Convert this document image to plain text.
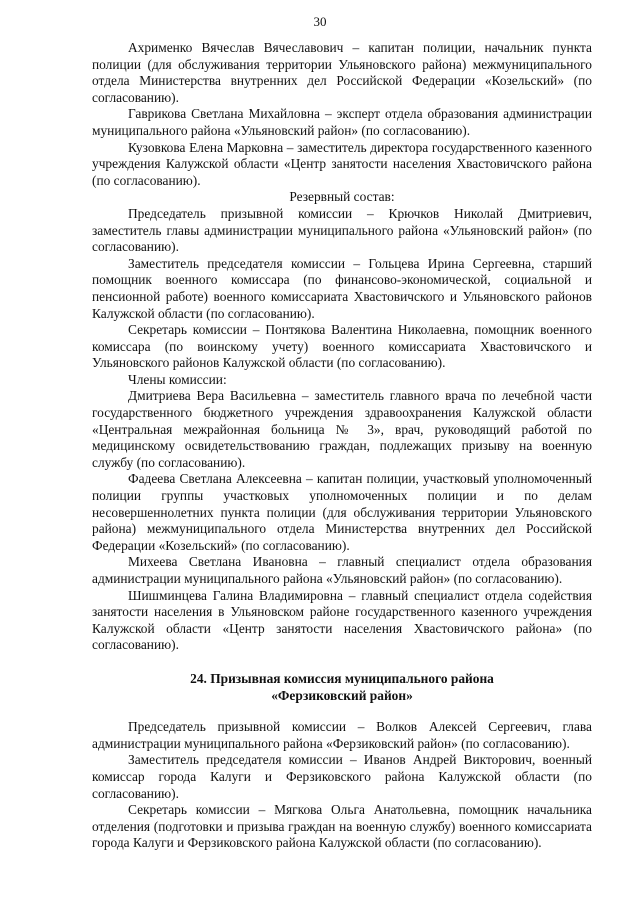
30

Ахрименко Вячеслав Вячеславович – капитан полиции, начальник пункта полиции (для обслуживания территории Ульяновского района) межмуниципального отдела Министерства внутренних дел Российской Федерации «Козельский» (по согласованию).

Гаврикова Светлана Михайловна – эксперт отдела образования администрации муниципального района «Ульяновский район» (по согласованию).

Кузовкова Елена Марковна – заместитель директора государственного казенного учреждения Калужской области «Центр занятости населения Хвастовичского района (по согласованию).

Резервный состав:

Председатель призывной комиссии – Крючков Николай Дмитриевич, заместитель главы администрации муниципального района «Ульяновский район» (по согласованию).

Заместитель председателя комиссии – Гольцева Ирина Сергеевна, старший помощник военного комиссара (по финансово-экономической, социальной и пенсионной работе) военного комиссариата Хвастовичского и Ульяновского районов Калужской области (по согласованию).

Секретарь комиссии – Понтякова Валентина Николаевна, помощник военного комиссара (по воинскому учету) военного комиссариата Хвастовичского и Ульяновского районов Калужской области (по согласованию).

Члены комиссии:

Дмитриева Вера Васильевна – заместитель главного врача по лечебной части государственного бюджетного учреждения здравоохранения Калужской области «Центральная межрайонная больница № 3», врач, руководящий работой по медицинскому освидетельствованию граждан, подлежащих призыву на военную службу (по согласованию).

Фадеева Светлана Алексеевна – капитан полиции, участковый уполномоченный полиции группы участковых уполномоченных полиции и по делам несовершеннолетних пункта полиции (для обслуживания территории Ульяновского района) межмуниципального отдела Министерства внутренних дел Российской Федерации «Козельский» (по согласованию).

Михеева Светлана Ивановна – главный специалист отдела образования администрации муниципального района «Ульяновский район» (по согласованию).

Шишминцева Галина Владимировна – главный специалист отдела содействия занятости населения в Ульяновском районе государственного казенного учреждения Калужской области «Центр занятости населения Хвастовичского района» (по согласованию).

24. Призывная комиссия муниципального района

«Ферзиковский район»

Председатель призывной комиссии – Волков Алексей Сергеевич, глава администрации муниципального района «Ферзиковский район» (по согласованию).

Заместитель председателя комиссии – Иванов Андрей Викторович, военный комиссар города Калуги и Ферзиковского района Калужской области (по согласованию).

Секретарь комиссии – Мягкова Ольга Анатольевна, помощник начальника отделения (подготовки и призыва граждан на военную службу) военного комиссариата города Калуги и Ферзиковского района Калужской области (по согласованию).
